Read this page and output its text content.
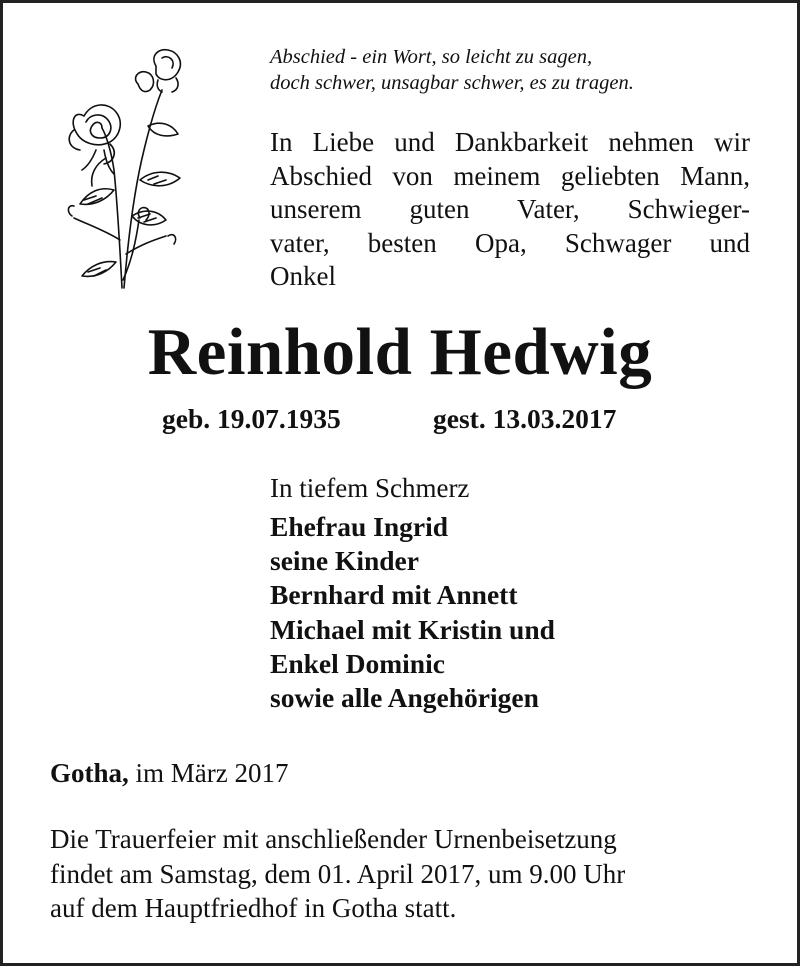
Abschied - ein Wort, so leicht zu sagen,
doch schwer, unsagbar schwer, es zu tragen.
In Liebe und Dankbarkeit nehmen wir
Abschied von meinem geliebten Mann,
unserem guten Vater, Schwieger-
vater, besten Opa, Schwager und
Onkel
Reinhold Hedwig
geb. 19.07.1935	gest. 13.03.2017
In tiefem Schmerz
Ehefrau Ingrid
seine Kinder
Bernhard mit Annett
Michael mit Kristin und
Enkel Dominic
sowie alle Angehörigen
Gotha, im März 2017
Die Trauerfeier mit anschließender Urnenbeisetzung
findet am Samstag, dem 01. April 2017, um 9.00 Uhr
auf dem Hauptfriedhof in Gotha statt.
